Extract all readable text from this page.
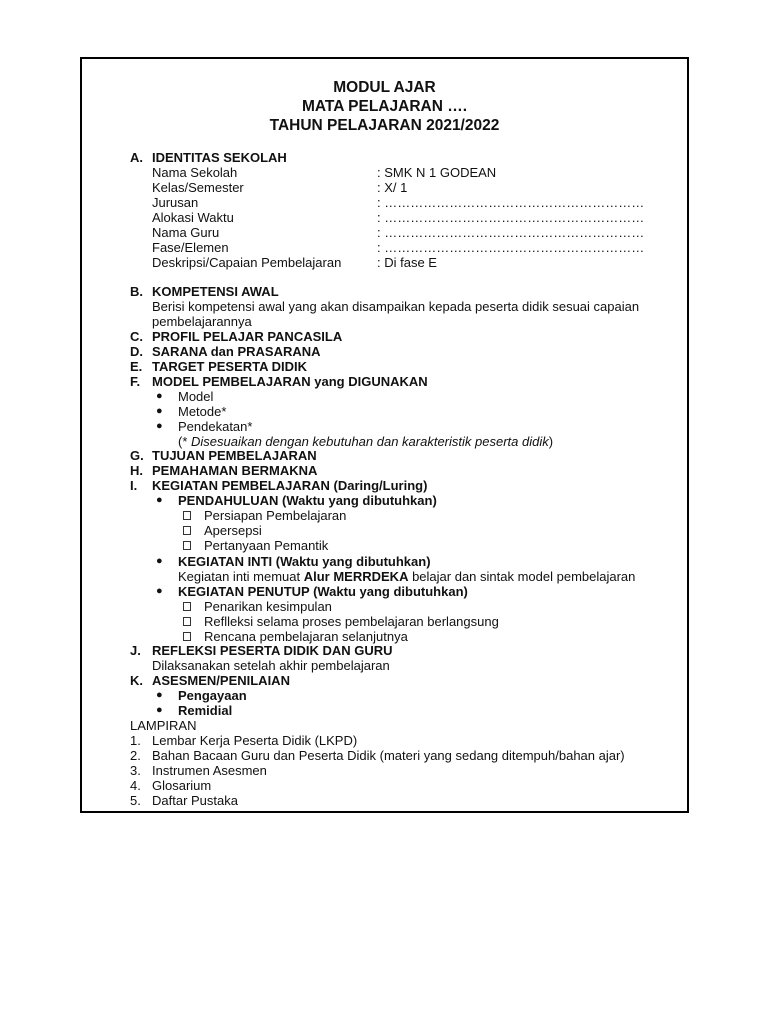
MODUL AJAR
MATA PELAJARAN ….
TAHUN PELAJARAN 2021/2022
A. IDENTITAS SEKOLAH
Nama Sekolah	: SMK N 1 GODEAN
Kelas/Semester	: X/ 1
Jurusan	: ……………………………………………………
Alokasi Waktu	: ……………………………………………………
Nama Guru	: ……………………………………………………
Fase/Elemen	: ……………………………………………………
Deskripsi/Capaian Pembelajaran	: Di fase E
B. KOMPETENSI AWAL
Berisi kompetensi awal yang akan disampaikan kepada peserta didik sesuai capaian
pembelajarannya
C. PROFIL PELAJAR PANCASILA
D. SARANA dan PRASARANA
E. TARGET PESERTA DIDIK
F. MODEL PEMBELAJARAN yang DIGUNAKAN
● Model
● Metode*
● Pendekatan*
(* Disesuaikan dengan kebutuhan dan karakteristik peserta didik)
G. TUJUAN PEMBELAJARAN
H. PEMAHAMAN BERMAKNA
I. KEGIATAN PEMBELAJARAN (Daring/Luring)
● PENDAHULUAN (Waktu yang dibutuhkan)
Persiapan Pembelajaran
Apersepsi
Pertanyaan Pemantik
● KEGIATAN INTI (Waktu yang dibutuhkan)
Kegiatan inti memuat Alur MERRDEKA belajar dan sintak model pembelajaran
● KEGIATAN PENUTUP (Waktu yang dibutuhkan)
Penarikan kesimpulan
Reflleksi selama proses pembelajaran berlangsung
Rencana pembelajaran selanjutnya
J. REFLEKSI PESERTA DIDIK DAN GURU
Dilaksanakan setelah akhir pembelajaran
K. ASESMEN/PENILAIAN
● Pengayaan
● Remidial
LAMPIRAN
1. Lembar Kerja Peserta Didik (LKPD)
2. Bahan Bacaan Guru dan Peserta Didik (materi yang sedang ditempuh/bahan ajar)
3. Instrumen Asesmen
4. Glosarium
5. Daftar Pustaka
